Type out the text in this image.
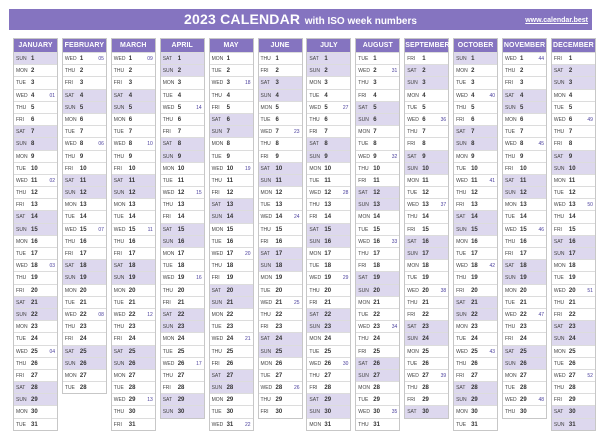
2023 CALENDAR with ISO week numbers	www.calendar.best
JANUARY
SUN 1
MON 2
TUE 3
WED 4	01
THU 5
FRI 6
SAT 7
SUN 8
MON 9
TUE 10
WED 11 02
THU 12
FRI 13
SAT 14
SUN 15
MON 16
TUE 17
WED 18 03
THU 19
FRI 20
SAT 21
SUN 22
MON 23
TUE 24
WED 25 04
THU 26
FRI 27
SAT 28
SUN 29
MON 30
TUE 31
FEBRUARY
WED 1	05
THU 2
FRI 3
SAT 4
SUN 5
MON 6
TUE 7
WED 8	06
THU 9
FRI 10
SAT 11
SUN 12
MON 13
TUE 14
WED 15 07
THU 16
FRI 17
SAT 18
SUN 19
MON 20
TUE 21
WED 22 08
THU 23
FRI 24
SAT 25
SUN 26
MON 27
TUE 28
MARCH
WED 1	09
THU 2
FRI 3
SAT 4
SUN 5
MON 6
TUE 7
WED 8	10
THU 9
FRI 10
SAT 11
SUN 12
MON 13
TUE 14
WED 15 11
THU 16
FRI 17
SAT 18
SUN 19
MON 20
TUE 21
WED 22 12
THU 23
FRI 24
SAT 25
SUN 26
MON 27
TUE 28
WED 29 13
THU 30
FRI 31
APRIL
SAT 1
SUN 2
MON 3
TUE 4
WED 5	14
THU 6
FRI 7
SAT 8
SUN 9
MON 10
TUE 11
WED 12 15
THU 13
FRI 14
SAT 15
SUN 16
MON 17
TUE 18
WED 19 16
THU 20
FRI 21
SAT 22
SUN 23
MON 24
TUE 25
WED 26 17
THU 27
FRI 28
SAT 29
SUN 30
MAY
MON 1
TUE 2
WED 3	18
THU 4
FRI 5
SAT 6
SUN 7
MON 8
TUE 9
WED 10 19
THU 11
FRI 12
SAT 13
SUN 14
MON 15
TUE 16
WED 17 20
THU 18
FRI 19
SAT 20
SUN 21
MON 22
TUE 23
WED 24 21
THU 25
FRI 26
SAT 27
SUN 28
MON 29
TUE 30
WED 31 22
JUNE
THU 1
FRI 2
SAT 3
SUN 4
MON 5
TUE 6
WED 7	23
THU 8
FRI 9
SAT 10
SUN 11
MON 12
TUE 13
WED 14 24
THU 15
FRI 16
SAT 17
SUN 18
MON 19
TUE 20
WED 21 25
THU 22
FRI 23
SAT 24
SUN 25
MON 26
TUE 27
WED 28 26
THU 29
FRI 30
JULY
SAT 1
SUN 2
MON 3
TUE 4
WED 5	27
THU 6
FRI 7
SAT 8
SUN 9
MON 10
TUE 11
WED 12 28
THU 13
FRI 14
SAT 15
SUN 16
MON 17
TUE 18
WED 19 29
THU 20
FRI 21
SAT 22
SUN 23
MON 24
TUE 25
WED 26 30
THU 27
FRI 28
SAT 29
SUN 30
MON 31
AUGUST
TUE 1
WED 2	31
THU 3
FRI 4
SAT 5
SUN 6
MON 7
TUE 8
WED 9	32
THU 10
FRI 11
SAT 12
SUN 13
MON 14
TUE 15
WED 16 33
THU 17
FRI 18
SAT 19
SUN 20
MON 21
TUE 22
WED 23 34
THU 24
FRI 25
SAT 26
SUN 27
MON 28
TUE 29
WED 30 35
THU 31
SEPTEMBER
FRI 1
SAT 2
SUN 3
MON 4
TUE 5
WED 6	36
THU 7
FRI 8
SAT 9
SUN 10
MON 11
TUE 12
WED 13 37
THU 14
FRI 15
SAT 16
SUN 17
MON 18
TUE 19
WED 20 38
THU 21
FRI 22
SAT 23
SUN 24
MON 25
TUE 26
WED 27 39
THU 28
FRI 29
SAT 30
OCTOBER
SUN 1
MON 2
TUE 3
WED 4	40
THU 5
FRI 6
SAT 7
SUN 8
MON 9
TUE 10
WED 11 41
THU 12
FRI 13
SAT 14
SUN 15
MON 16
TUE 17
WED 18 42
THU 19
FRI 20
SAT 21
SUN 22
MON 23
TUE 24
WED 25 43
THU 26
FRI 27
SAT 28
SUN 29
MON 30
TUE 31
NOVEMBER
WED 1	44
THU 2
FRI 3
SAT 4
SUN 5
MON 6
TUE 7
WED 8	45
THU 9
FRI 10
SAT 11
SUN 12
MON 13
TUE 14
WED 15 46
THU 16
FRI 17
SAT 18
SUN 19
MON 20
TUE 21
WED 22 47
THU 23
FRI 24
SAT 25
SUN 26
MON 27
TUE 28
WED 29 48
THU 30
DECEMBER
FRI 1
SAT 2
SUN 3
MON 4
TUE 5
WED 6	49
THU 7
FRI 8
SAT 9
SUN 10
MON 11
TUE 12
WED 13 50
THU 14
FRI 15
SAT 16
SUN 17
MON 18
TUE 19
WED 20 51
THU 21
FRI 22
SAT 23
SUN 24
MON 25
TUE 26
WED 27 52
THU 28
FRI 29
SAT 30
SUN 31
